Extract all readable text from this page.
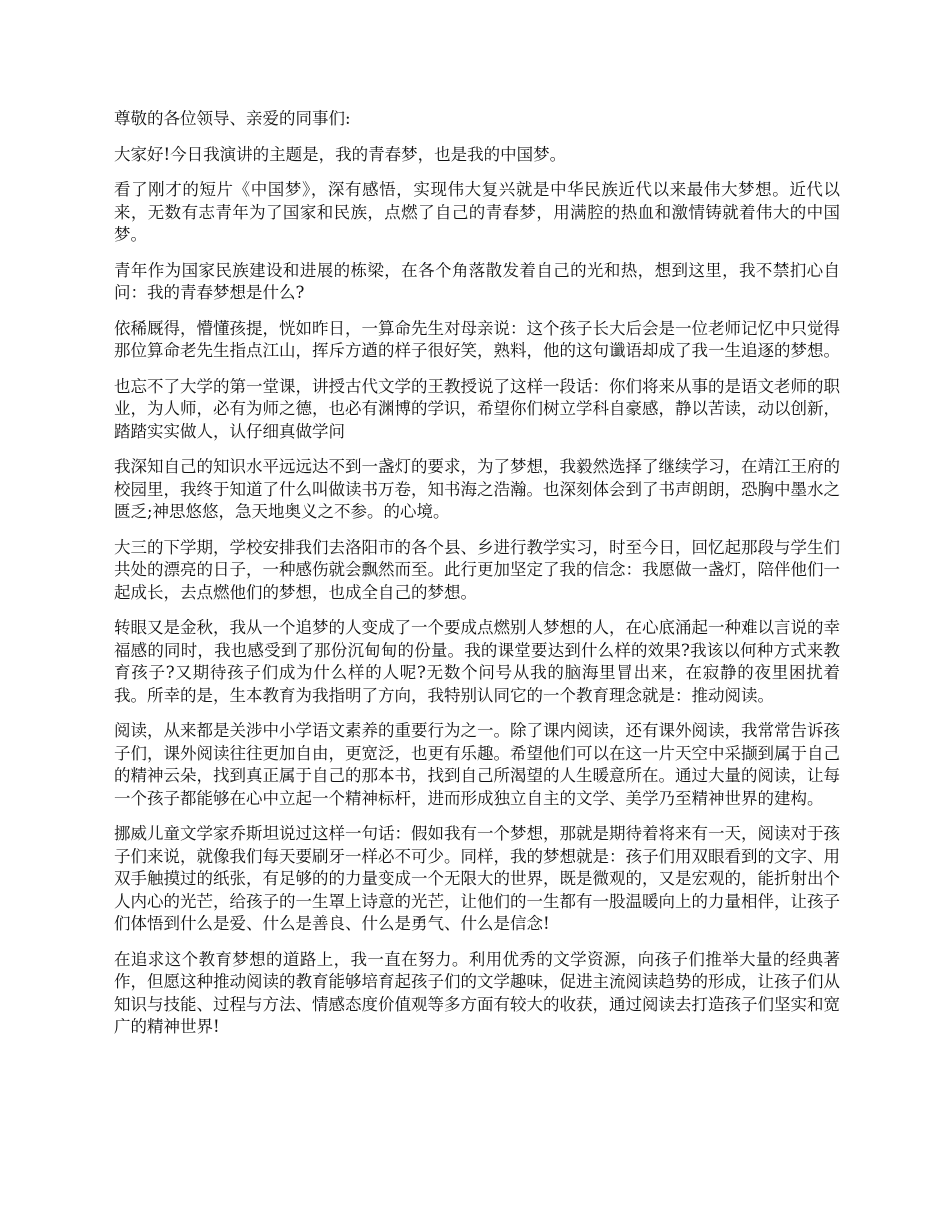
尊敬的各位领导、亲爱的同事们:

大家好!今日我演讲的主题是，我的青春梦，也是我的中国梦。

看了刚才的短片《中国梦》，深有感悟，实现伟大复兴就是中华民族近代以来最伟大梦想。近代以来，无数有志青年为了国家和民族，点燃了自己的青春梦，用满腔的热血和激情铸就着伟大的中国梦。

青年作为国家民族建设和进展的栋梁，在各个角落散发着自己的光和热，想到这里，我不禁扪心自问：我的青春梦想是什么?

依稀厩得，懵懂孩提，恍如昨日，一算命先生对母亲说：这个孩子长大后会是一位老师记忆中只觉得那位算命老先生指点江山，挥斥方遒的样子很好笑，熟料，他的这句谶语却成了我一生追逐的梦想。

也忘不了大学的第一堂课，讲授古代文学的王教授说了这样一段话：你们将来从事的是语文老师的职业，为人师，必有为师之德，也必有渊博的学识，希望你们树立学科自豪感，静以苦读，动以创新，踏踏实实做人，认仔细真做学问

我深知自己的知识水平远远达不到一盏灯的要求，为了梦想，我毅然选择了继续学习，在靖江王府的校园里，我终于知道了什么叫做读书万卷，知书海之浩瀚。也深刻体会到了书声朗朗，恐胸中墨水之匮乏;神思悠悠，急天地奥义之不参。的心境。

大三的下学期，学校安排我们去洛阳市的各个县、乡进行教学实习，时至今日，回忆起那段与学生们共处的漂亮的日子，一种感伤就会飘然而至。此行更加坚定了我的信念：我愿做一盏灯，陪伴他们一起成长，去点燃他们的梦想，也成全自己的梦想。

转眼又是金秋，我从一个追梦的人变成了一个要成点燃别人梦想的人，在心底涌起一种难以言说的幸福感的同时，我也感受到了那份沉甸甸的份量。我的课堂要达到什么样的效果?我该以何种方式来教育孩子?又期待孩子们成为什么样的人呢?无数个问号从我的脑海里冒出来，在寂静的夜里困扰着我。所幸的是，生本教育为我指明了方向，我特别认同它的一个教育理念就是：推动阅读。

阅读，从来都是关涉中小学语文素养的重要行为之一。除了课内阅读，还有课外阅读，我常常告诉孩子们，课外阅读往往更加自由，更宽泛，也更有乐趣。希望他们可以在这一片天空中采撷到属于自己的精神云朵，找到真正属于自己的那本书，找到自己所渴望的人生暖意所在。通过大量的阅读，让每一个孩子都能够在心中立起一个精神标杆，进而形成独立自主的文学、美学乃至精神世界的建构。

挪威儿童文学家乔斯坦说过这样一句话：假如我有一个梦想，那就是期待着将来有一天，阅读对于孩子们来说，就像我们每天要刷牙一样必不可少。同样，我的梦想就是：孩子们用双眼看到的文字、用双手触摸过的纸张，有足够的的力量变成一个无限大的世界，既是微观的，又是宏观的，能折射出个人内心的光芒，给孩子的一生罩上诗意的光芒，让他们的一生都有一股温暖向上的力量相伴，让孩子们体悟到什么是爱、什么是善良、什么是勇气、什么是信念!

在追求这个教育梦想的道路上，我一直在努力。利用优秀的文学资源，向孩子们推举大量的经典著作，但愿这种推动阅读的教育能够培育起孩子们的文学趣味，促进主流阅读趋势的形成，让孩子们从知识与技能、过程与方法、情感态度价值观等多方面有较大的收获，通过阅读去打造孩子们坚实和宽广的精神世界!
